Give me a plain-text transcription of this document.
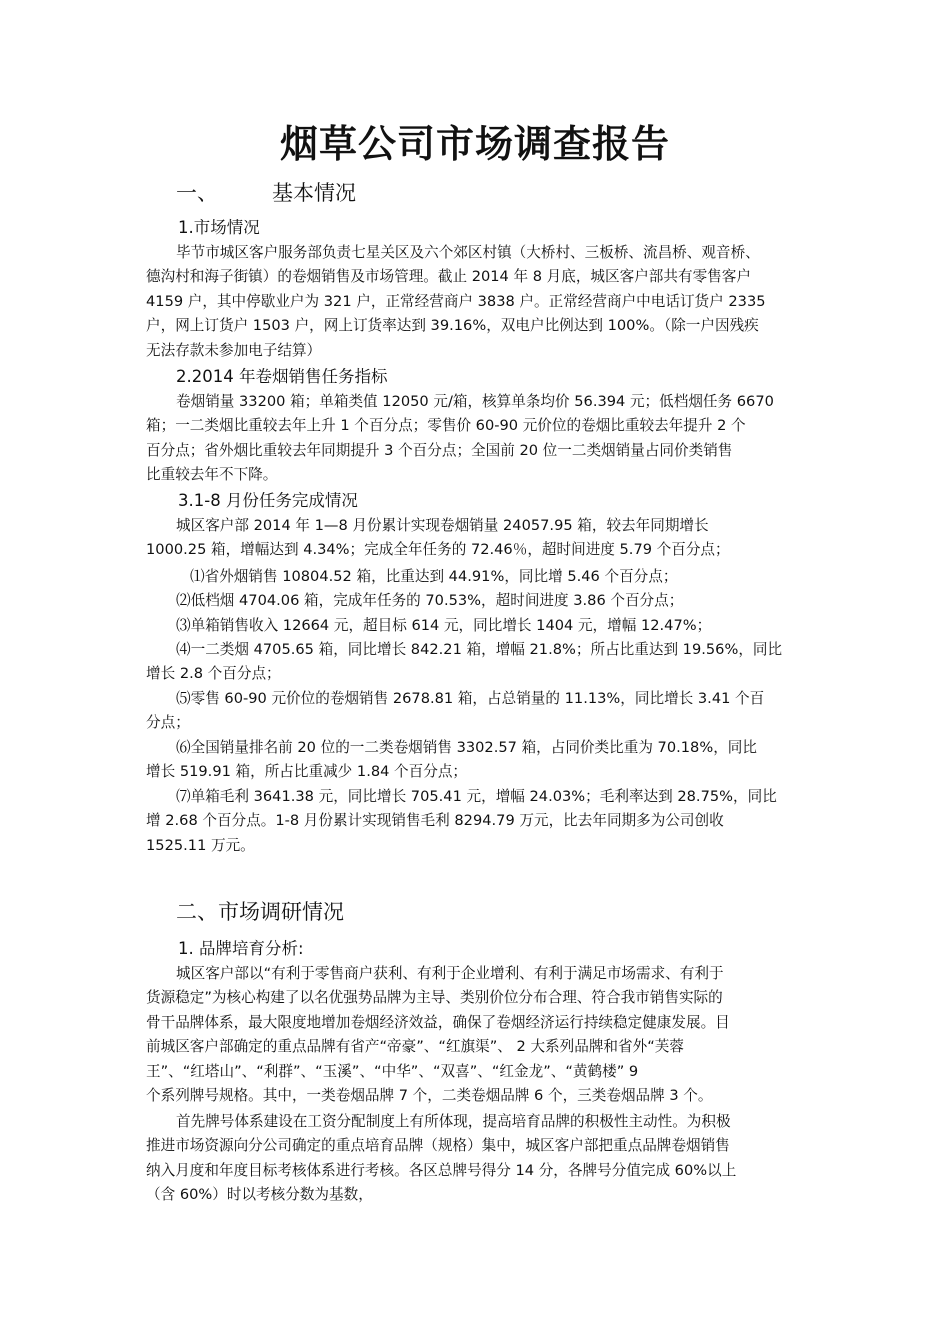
烟草公司市场调查报告
一、	基本情况
1.市场情况
毕节市城区客户服务部负责七星关区及六个郊区村镇（大桥村、三板桥、流昌桥、观音桥、
德沟村和海子街镇）的卷烟销售及市场管理。截止 2014 年 8 月底，城区客户部共有零售客户
4159 户，其中停歇业户为 321 户，正常经营商户 3838 户。正常经营商户中电话订货户 2335
户，网上订货户 1503 户，网上订货率达到 39.16%，双电户比例达到 100%。（除一户因残疾
无法存款未参加电子结算）
2.2014 年卷烟销售任务指标
卷烟销量 33200 箱；单箱类值 12050 元/箱，核算单条均价 56.394 元；低档烟任务 6670
箱；一二类烟比重较去年上升 1 个百分点；零售价 60-90 元价位的卷烟比重较去年提升 2 个
百分点；省外烟比重较去年同期提升 3 个百分点；全国前 20 位一二类烟销量占同价类销售
比重较去年不下降。
3.1-8 月份任务完成情况
城区客户部 2014 年 1—8 月份累计实现卷烟销量 24057.95 箱，较去年同期增长
1000.25 箱，增幅达到 4.34%；完成全年任务的 72.46％，超时间进度 5.79 个百分点；
⑴省外烟销售 10804.52 箱，比重达到 44.91%，同比增 5.46 个百分点；
⑵低档烟 4704.06 箱，完成年任务的 70.53%，超时间进度 3.86 个百分点；
⑶单箱销售收入 12664 元，超目标 614 元，同比增长 1404 元，增幅 12.47%；
⑷一二类烟 4705.65 箱，同比增长 842.21 箱，增幅 21.8%；所占比重达到 19.56%，同比
增长 2.8 个百分点；
⑸零售 60-90 元价位的卷烟销售 2678.81 箱，占总销量的 11.13%，同比增长 3.41 个百
分点；
⑹全国销量排名前 20 位的一二类卷烟销售 3302.57 箱，占同价类比重为 70.18%，同比
增长 519.91 箱，所占比重减少 1.84 个百分点；
⑺单箱毛利 3641.38 元，同比增长 705.41 元，增幅 24.03%；毛利率达到 28.75%，同比
增 2.68 个百分点。1-8 月份累计实现销售毛利 8294.79 万元，比去年同期多为公司创收
1525.11 万元。
二、市场调研情况
1. 品牌培育分析:
城区客户部以“有利于零售商户获利、有利于企业增利、有利于满足市场需求、有利于
货源稳定”为核心构建了以名优强势品牌为主导、类别价位分布合理、符合我市销售实际的
骨干品牌体系，最大限度地增加卷烟经济效益，确保了卷烟经济运行持续稳定健康发展。目
前城区客户部确定的重点品牌有省产“帝豪”、“红旗渠”、 2 大系列品牌和省外“芙蓉
王”、“红塔山”、“利群”、“玉溪”、“中华”、“双喜”、“红金龙”、“黄鹤楼” 9
个系列牌号规格。其中，一类卷烟品牌 7 个，二类卷烟品牌 6 个，三类卷烟品牌 3 个。
首先牌号体系建设在工资分配制度上有所体现，提高培育品牌的积极性主动性。为积极
推进市场资源向分公司确定的重点培育品牌（规格）集中，城区客户部把重点品牌卷烟销售
纳入月度和年度目标考核体系进行考核。各区总牌号得分 14 分，各牌号分值完成 60%以上
（含 60%）时以考核分数为基数，
